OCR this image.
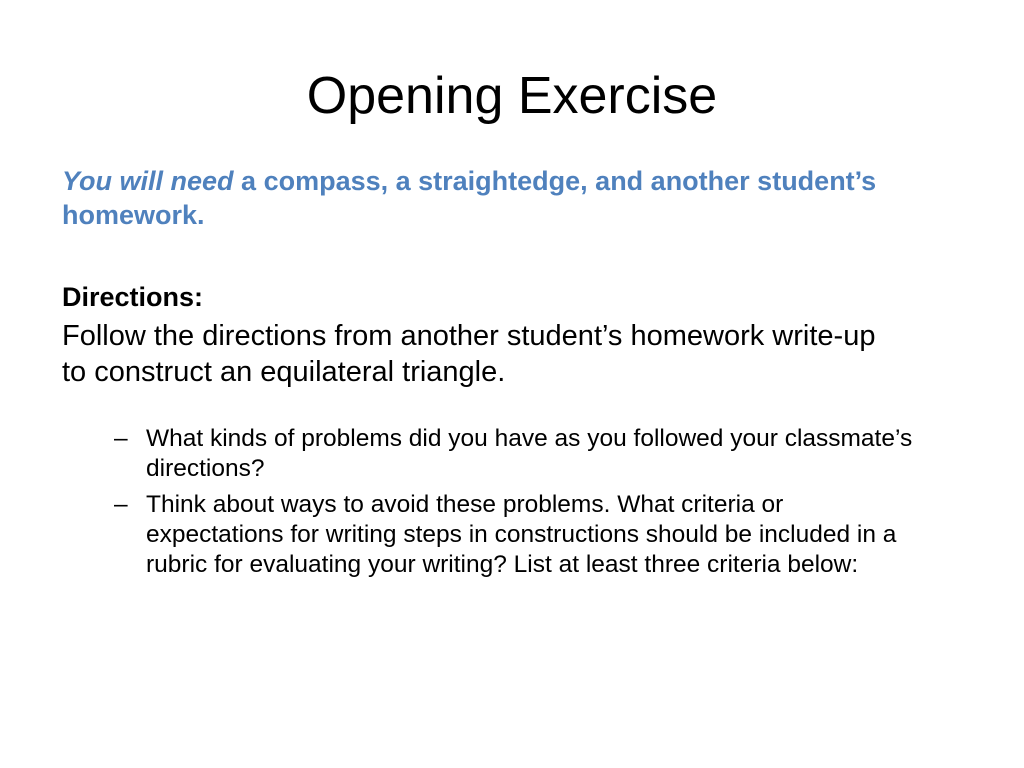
Opening Exercise

You will need a compass, a straightedge, and another student’s homework.

Directions:

Follow the directions from another student’s homework write-up to construct an equilateral triangle.

– What kinds of problems did you have as you followed your classmate’s directions?
– Think about ways to avoid these problems. What criteria or expectations for writing steps in constructions should be included in a rubric for evaluating your writing? List at least three criteria below:
